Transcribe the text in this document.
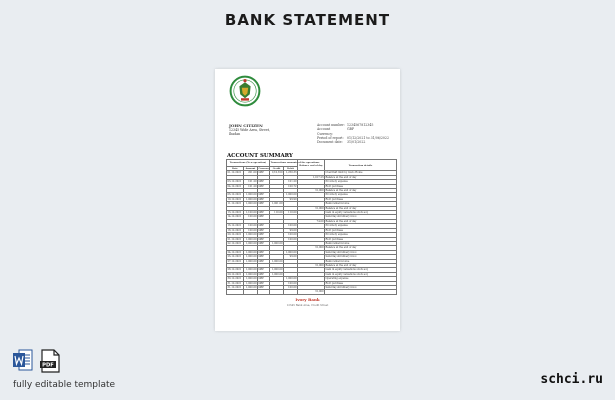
BANK STATEMENT
JOHN CITIZEN
12345 Wide Area, Street,
Ibadan
Account number: 1234567812345
Account Currency:
GBP
Period of report:	01/12/2021 to 31/06/2022
Document date:	31/01/2022
ACCOUNT SUMMARY
Transactions (New operation)			Transactions amounts of the operations		Balance end of day	Transaction details
Date	Amount	Currency	Credit	Debit		
01-12-2021	201.00	GBP	1/10,810	1,250.33		Overdraft limit by Gudo Home
					1,017.23	Balance at the end of day
03-12-2021	101.20	GBP		101.20		Provinoty expense
04-12-2021	101.20	GBP		100.72		Ricit purchase
					31,900	Balance at the end of day
06-12-2021	1,000.00	GBP		1,000.00		Provinoty expense
10-12-2021	1,000.00	GBP		99.90		Ricit purchase
11-12-2021	1,000.00	GBP	1,001.00			Bank rental income
					31,900	Balance at the end of day
13-12-2021	1,100.00	GBP	110.00	110.00		Gain in equity valuations stock acq
14-12-2021	100.00	GBP				Saturday shrubbery invoi
					74.00	Balance at the end of day
16-12-2021	100.00	GBP		100.00		Provinoty expense
18-12-2021	100.00	GBP		99.00		Ricit purchase
20-12-2021	1,000.00	GBP		100.00		Provinoty expense
21-12-2021	1,000.00	GBP		100.00		Ricit purchase
22-12-2021	1,000.00	GBP	1,000.00			Bank rental income
					31,900	Balance at the end of day
24-12-2021	1,000.00	GBP		1,000.00		Saturday shrubbery invoi
26-12-2021	1,000.00	GBP		99.00		Saturday shrubbery invoi
27-12-2021	1,000.00	GBP	1,000.00			Bank rental income
					31,900	Balance at the end of day
28-12-2021	1,000.00	GBP	1,000.00			Gain in equity valuations stock acq
29-12-2021	1,000.00	GBP	1,000.00			Gain in equity valuations stock acq
30-12-2021	1,000.00	GBP		1,000.00		Operating expense
31-12-2021	1,000.00	GBP		100.00		Ricit purchase
31-12-2021	1,000.00	GBP		100.00		Saturday shrubbery invoi
					31,900	
Ivory Bank
12345 Bank Area, Credit Street
PDF
fully editable template	schci.ru
